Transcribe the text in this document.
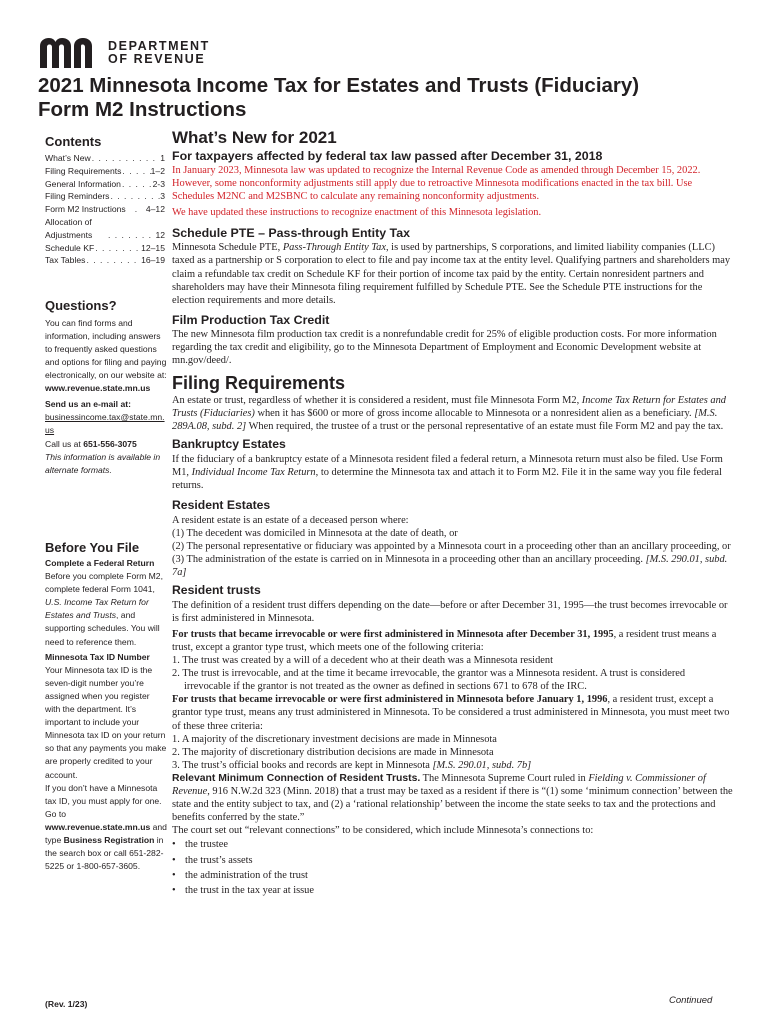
DEPARTMENT
OF REVENUE
2021 Minnesota Income Tax for Estates and Trusts (Fiduciary)
Form M2 Instructions
Contents
What’s New . . .	1
Filing Requirements . . .	1–2
General Information . . .	2-3
Filing Reminders . . .	3
Form M2 Instructions . . . 4–12
Allocation of Adjustments . . .	12
Schedule KF . . .	12–15
Tax Tables . . .	16–19
Questions?
You can find forms and information, including answers to frequently asked questions and options for filing and paying electronically, on our website at:
www.revenue.state.mn.us
Send us an e-mail at:
businessincome.tax@state.mn.us
Call us at 651-556-3075
This information is available in alternate formats.
Before You File
Complete a Federal Return
Before you complete Form M2, complete federal Form 1041, U.S. Income Tax Return for Estates and Trusts, and supporting schedules. You will need to reference them.
Minnesota Tax ID Number
Your Minnesota tax ID is the seven-digit number you’re assigned when you register with the department. It’s important to include your Minnesota tax ID on your return so that any payments you make are properly credited to your account.
If you don’t have a Minnesota tax ID, you must apply for one. Go to www.revenue.state.mn.us and type Business Registration in the search box or call 651-282-5225 or 1-800-657-3605.
(Rev. 1/23)
What’s New for 2021
For taxpayers affected by federal tax law passed after December 31, 2018

In January 2023, Minnesota law was updated to recognize the Internal Revenue Code as amended through December 15, 2022. However, some nonconformity adjustments still apply due to retroactive Minnesota modifications enacted in the tax bill. Use Schedules M2NC and M2SBNC to calculate any remaining nonconformity adjustments.

We have updated these instructions to recognize enactment of this Minnesota legislation.

Schedule PTE – Pass-through Entity Tax

Minnesota Schedule PTE, Pass-Through Entity Tax, is used by partnerships, S corporations, and limited liability companies (LLC) taxed as a partnership or S corporation to elect to file and pay income tax at the entity level. Qualifying partners and shareholders may claim a refundable tax credit on Schedule KF for their portion of income tax paid by the entity. Certain nonresident partners and shareholders may have their Minnesota filing requirement fulfilled by Schedule PTE. See the Schedule PTE instructions for the election requirements and more details.

Film Production Tax Credit

The new Minnesota film production tax credit is a nonrefundable credit for 25% of eligible production costs. For more information regarding the tax credit and eligibility, go to the Minnesota Department of Employment and Economic Development website at mn.gov/deed/.

Filing Requirements

An estate or trust, regardless of whether it is considered a resident, must file Minnesota Form M2, Income Tax Return for Estates and Trusts (Fiduciaries) when it has $600 or more of gross income allocable to Minnesota or a nonresident alien as a beneficiary. [M.S. 289A.08, subd. 2] When required, the trustee of a trust or the personal representative of an estate must file Form M2 and pay the tax.

Bankruptcy Estates

If the fiduciary of a bankruptcy estate of a Minnesota resident filed a federal return, a Minnesota return must also be filed. Use Form M1, Individual Income Tax Return, to determine the Minnesota tax and attach it to Form M2. File it in the same way you file federal returns.

Resident Estates

A resident estate is an estate of a deceased person where:

(1) The decedent was domiciled in Minnesota at the date of death, or

(2) The personal representative or fiduciary was appointed by a Minnesota court in a proceeding other than an ancillary proceeding, or

(3) The administration of the estate is carried on in Minnesota in a proceeding other than an ancillary proceeding. [M.S. 290.01, subd. 7a]

Resident trusts

The definition of a resident trust differs depending on the date—before or after December 31, 1995—the trust becomes irrevocable or is first administered in Minnesota.

For trusts that became irrevocable or were first administered in Minnesota after December 31, 1995, a resident trust means a trust, except a grantor type trust, which meets one of the following criteria:

1. The trust was created by a will of a decedent who at their death was a Minnesota resident
2. The trust is irrevocable, and at the time it became irrevocable, the grantor was a Minnesota resident. A trust is considered irrevocable if the grantor is not treated as the owner as defined in sections 671 to 678 of the IRC.

For trusts that became irrevocable or were first administered in Minnesota before January 1, 1996, a resident trust, except a grantor type trust, means any trust administered in Minnesota. To be considered a trust administered in Minnesota, you must meet two of these three criteria:

1. A majority of the discretionary investment decisions are made in Minnesota
2. The majority of discretionary distribution decisions are made in Minnesota
3. The trust’s official books and records are kept in Minnesota [M.S. 290.01, subd. 7b]

Relevant Minimum Connection of Resident Trusts. The Minnesota Supreme Court ruled in Fielding v. Commissioner of Revenue, 916 N.W.2d 323 (Minn. 2018) that a trust may be taxed as a resident if there is “(1) some ‘minimum connection’ between the state and the entity subject to tax, and (2) a ‘rational relationship’ between the income the state seeks to tax and the protections and benefits conferred by the state.”

The court set out “relevant connections” to be considered, which include Minnesota’s connections to:

• the trustee
• the trust’s assets
• the administration of the trust
• the trust in the tax year at issue
Continued
